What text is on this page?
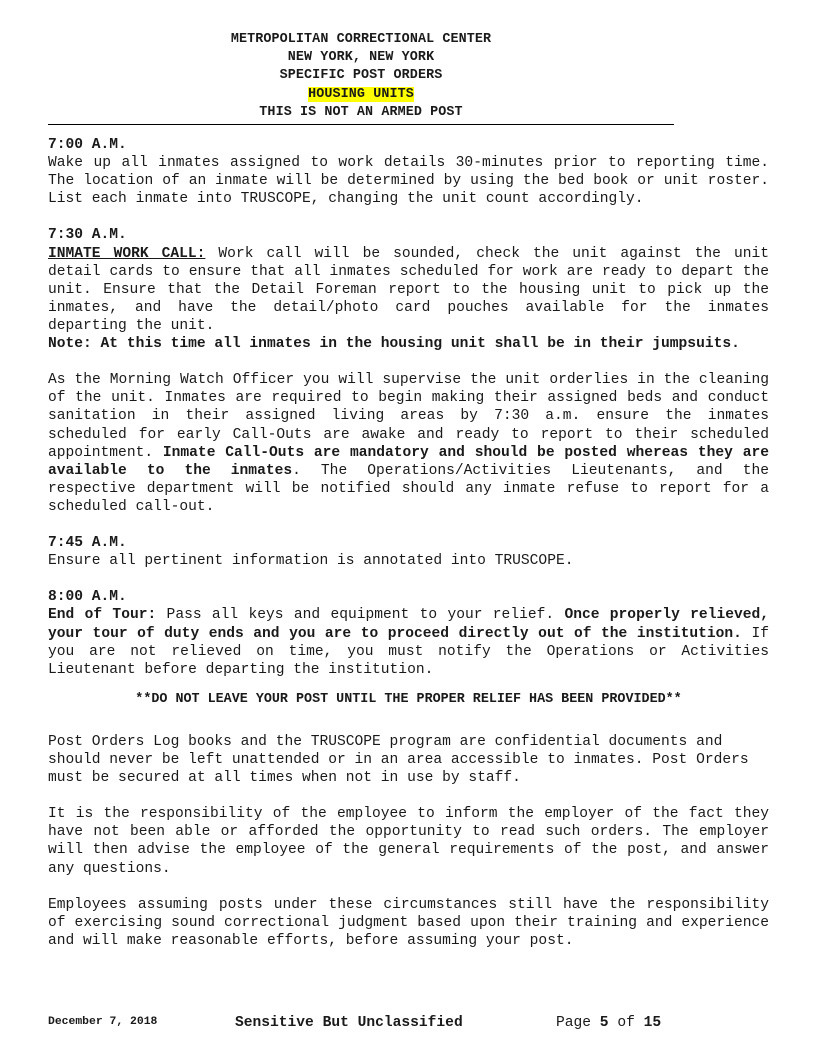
METROPOLITAN CORRECTIONAL CENTER
NEW YORK, NEW YORK
SPECIFIC POST ORDERS
HOUSING UNITS
THIS IS NOT AN ARMED POST
7:00 A.M.

Wake up all inmates assigned to work details 30-minutes prior to reporting time. The location of an inmate will be determined by using the bed book or unit roster. List each inmate into TRUSCOPE, changing the unit count accordingly.

7:30 A.M.

INMATE WORK CALL: Work call will be sounded, check the unit against the unit detail cards to ensure that all inmates scheduled for work are ready to depart the unit. Ensure that the Detail Foreman report to the housing unit to pick up the inmates, and have the detail/photo card pouches available for the inmates departing the unit.

Note: At this time all inmates in the housing unit shall be in their jumpsuits.

As the Morning Watch Officer you will supervise the unit orderlies in the cleaning of the unit. Inmates are required to begin making their assigned beds and conduct sanitation in their assigned living areas by 7:30 a.m. ensure the inmates scheduled for early Call-Outs are awake and ready to report to their scheduled appointment. Inmate Call-Outs are mandatory and should be posted whereas they are available to the inmates. The Operations/Activities Lieutenants, and the respective department will be notified should any inmate refuse to report for a scheduled call-out.

7:45 A.M.

Ensure all pertinent information is annotated into TRUSCOPE.

8:00 A.M.

End of Tour: Pass all keys and equipment to your relief. Once properly relieved, your tour of duty ends and you are to proceed directly out of the institution. If you are not relieved on time, you must notify the Operations or Activities Lieutenant before departing the institution.

**DO NOT LEAVE YOUR POST UNTIL THE PROPER RELIEF HAS BEEN PROVIDED**

Post Orders Log books and the TRUSCOPE program are confidential documents and should never be left unattended or in an area accessible to inmates. Post Orders must be secured at all times when not in use by staff.

It is the responsibility of the employee to inform the employer of the fact they have not been able or afforded the opportunity to read such orders. The employer will then advise the employee of the general requirements of the post, and answer any questions.

Employees assuming posts under these circumstances still have the responsibility of exercising sound correctional judgment based upon their training and experience and will make reasonable efforts, before assuming your post.

December 7, 2018	Sensitive But Unclassified	Page 5 of 15
